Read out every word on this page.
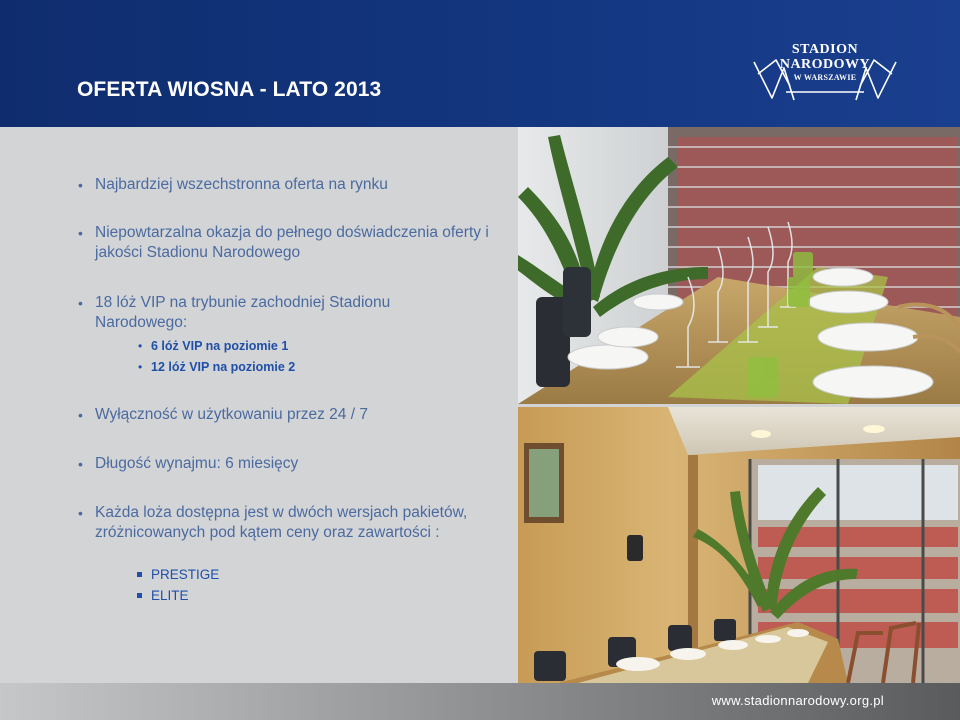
OFERTA WIOSNA - LATO 2013
STADION
NARODOWY
W WARSZAWIE
• Najbardziej wszechstronna oferta na rynku
• Niepowtarzalna okazja do pełnego doświadczenia oferty i jakości Stadionu Narodowego
• 18 lóż VIP na trybunie zachodniej Stadionu Narodowego:
• 6 lóż VIP na poziomie 1
• 12 lóż VIP na poziomie 2
• Wyłączność w użytkowaniu przez 24 / 7
• Długość wynajmu: 6 miesięcy
• Każda loża dostępna jest w dwóch wersjach pakietów, zróżnicowanych pod kątem ceny oraz zawartości :
PRESTIGE
ELITE
www.stadionnarodowy.org.pl
